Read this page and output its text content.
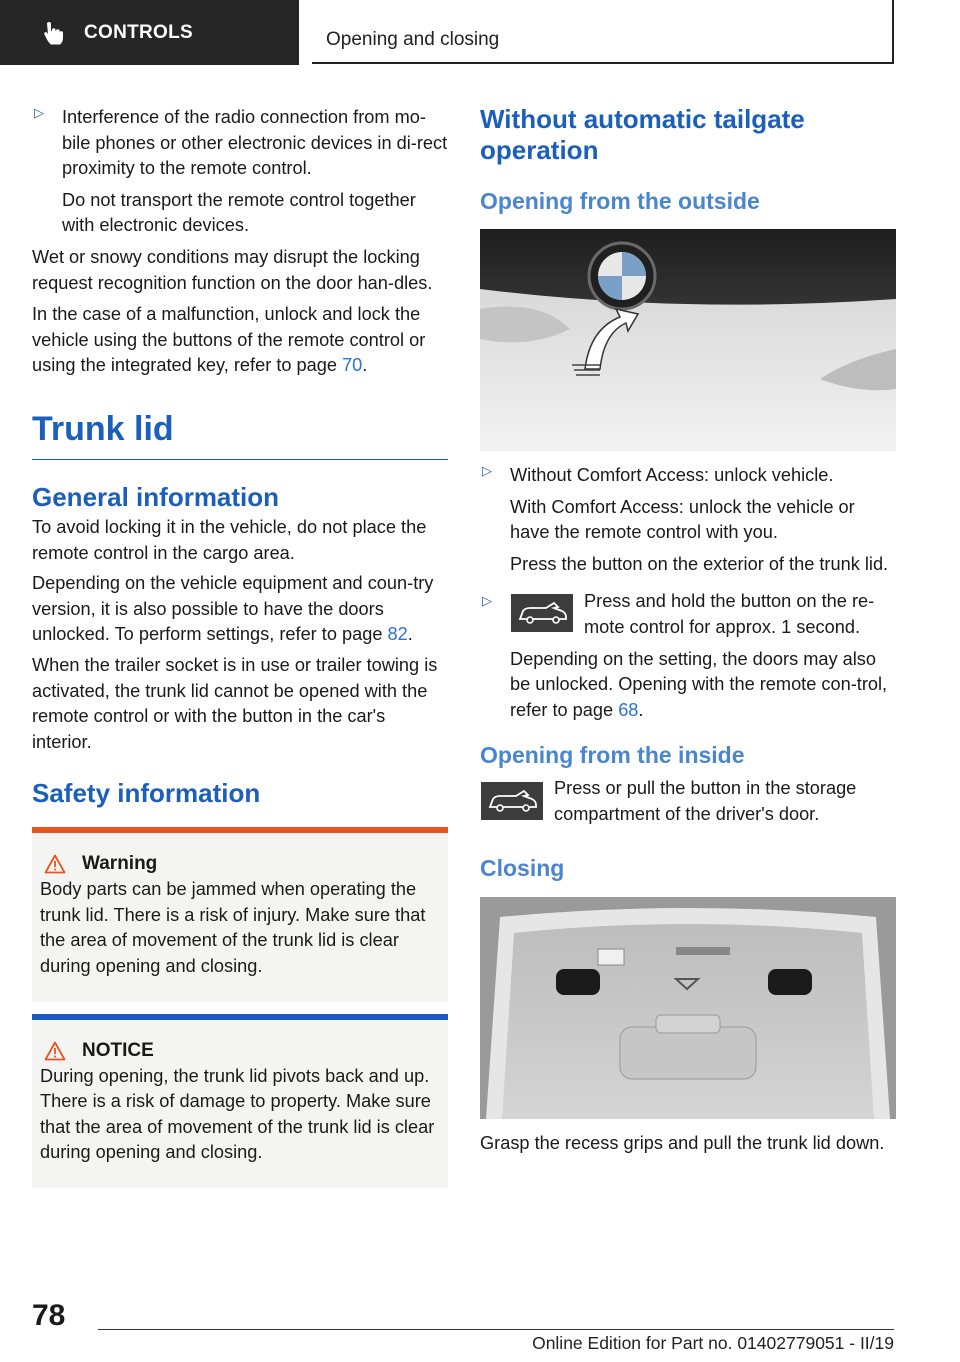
CONTROLS	Opening and closing
▷ Interference of the radio connection from mo-bile phones or other electronic devices in di-rect proximity to the remote control.

Do not transport the remote control together with electronic devices.

Wet or snowy conditions may disrupt the locking request recognition function on the door han-dles.

In the case of a malfunction, unlock and lock the vehicle using the buttons of the remote control or using the integrated key, refer to page 70.

Trunk lid
General information

To avoid locking it in the vehicle, do not place the remote control in the cargo area.

Depending on the vehicle equipment and coun-try version, it is also possible to have the doors unlocked. To perform settings, refer to page 82.

When the trailer socket is in use or trailer towing is activated, the trunk lid cannot be opened with the remote control or with the button in the car's interior.

Safety information
Warning

Body parts can be jammed when operating the trunk lid. There is a risk of injury. Make sure that the area of movement of the trunk lid is clear during opening and closing.

NOTICE

During opening, the trunk lid pivots back and up. There is a risk of damage to property. Make sure that the area of movement of the trunk lid is clear during opening and closing.

Without automatic tailgate operation
Opening from the outside
▷ Without Comfort Access: unlock vehicle.

With Comfort Access: unlock the vehicle or have the remote control with you.

Press the button on the exterior of the trunk lid.

▷	Press and hold the button on the re-mote control for approx. 1 second.

Depending on the setting, the doors may also be unlocked. Opening with the remote con-trol, refer to page 68.

Opening from the inside

Press or pull the button in the storage compartment of the driver's door.

Closing

Grasp the recess grips and pull the trunk lid down.

78
Online Edition for Part no. 01402779051 - II/19
